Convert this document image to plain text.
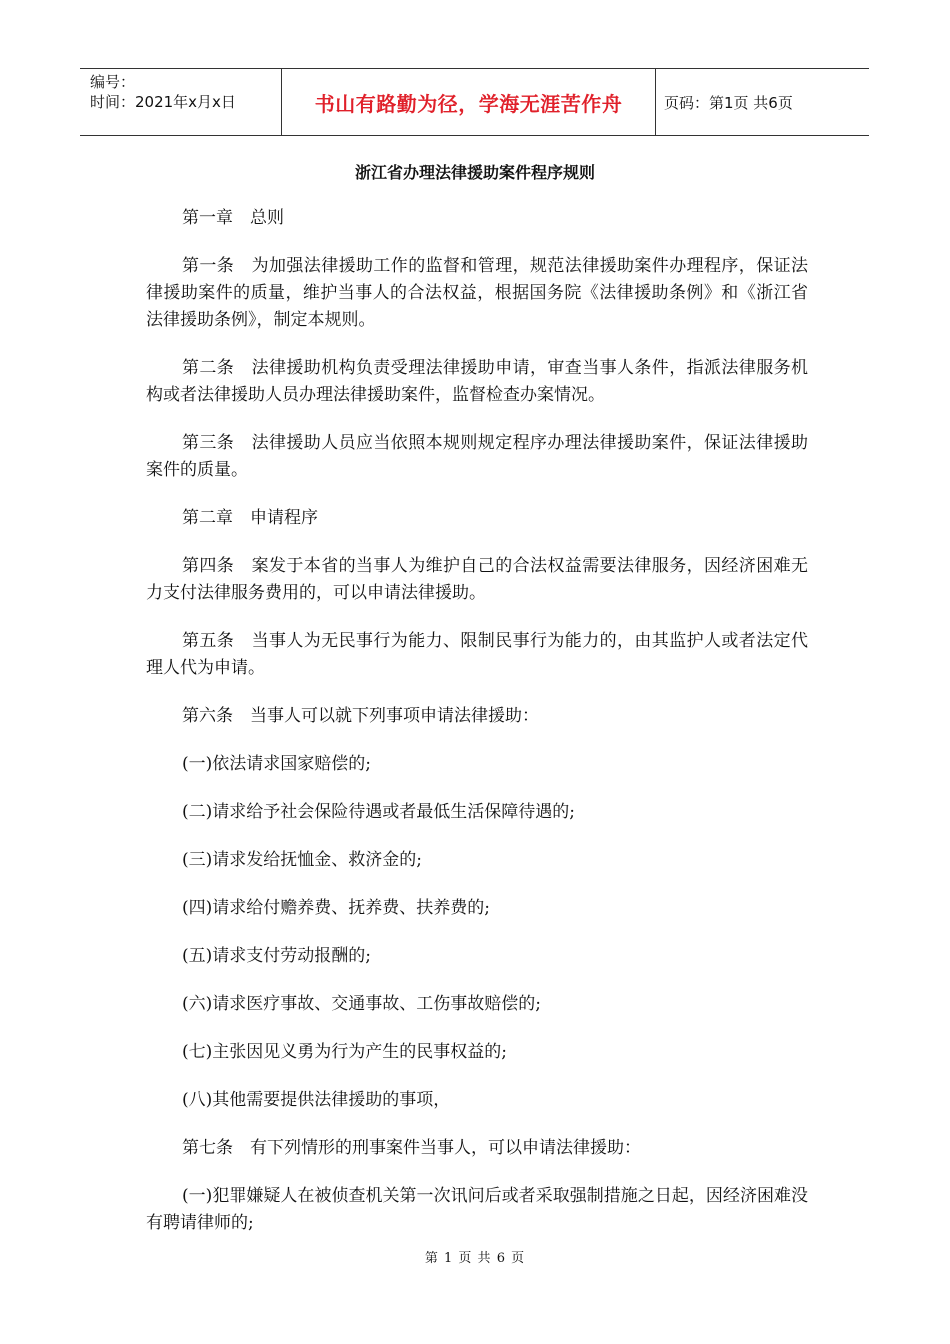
编号：
时间：2021年x月x日	书山有路勤为径，学海无涯苦作舟	页码：第1页 共6页
浙江省办理法律援助案件程序规则

第一章　总则

第一条　为加强法律援助工作的监督和管理，规范法律援助案件办理程序，保证法律援助案件的质量，维护当事人的合法权益，根据国务院《法律援助条例》和《浙江省法律援助条例》，制定本规则。

第二条　法律援助机构负责受理法律援助申请，审查当事人条件，指派法律服务机构或者法律援助人员办理法律援助案件，监督检查办案情况。

第三条　法律援助人员应当依照本规则规定程序办理法律援助案件，保证法律援助案件的质量。

第二章　申请程序

第四条　案发于本省的当事人为维护自己的合法权益需要法律服务，因经济困难无力支付法律服务费用的，可以申请法律援助。

第五条　当事人为无民事行为能力、限制民事行为能力的，由其监护人或者法定代理人代为申请。

第六条　当事人可以就下列事项申请法律援助：

(一)依法请求国家赔偿的;

(二)请求给予社会保险待遇或者最低生活保障待遇的;

(三)请求发给抚恤金、救济金的;

(四)请求给付赡养费、抚养费、扶养费的;

(五)请求支付劳动报酬的;

(六)请求医疗事故、交通事故、工伤事故赔偿的;

(七)主张因见义勇为行为产生的民事权益的;

(八)其他需要提供法律援助的事项，

第七条　有下列情形的刑事案件当事人，可以申请法律援助：

(一)犯罪嫌疑人在被侦查机关第一次讯问后或者采取强制措施之日起，因经济困难没有聘请律师的;

第 1 页 共 6 页
